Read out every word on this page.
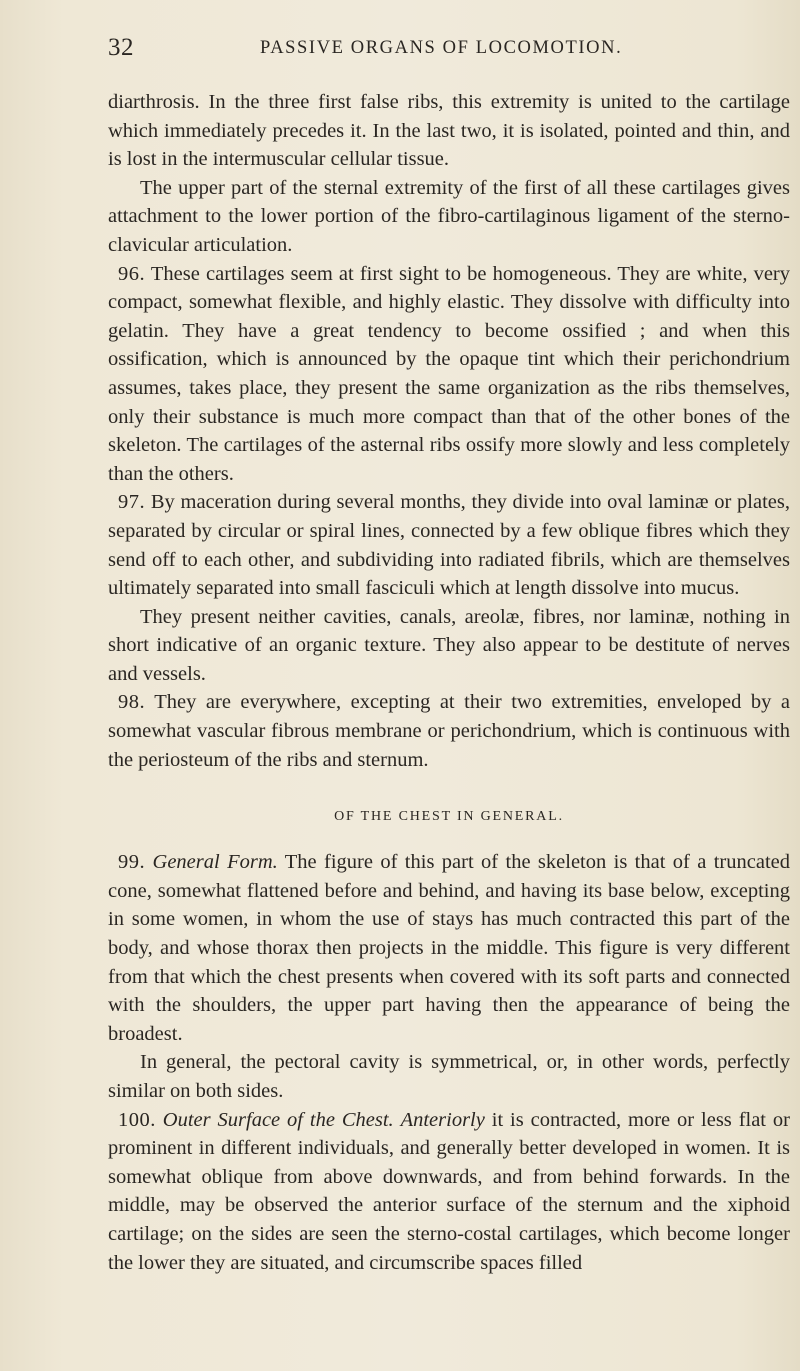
32	PASSIVE ORGANS OF LOCOMOTION.

diarthrosis. In the three first false ribs, this extremity is united to the cartilage which immediately precedes it. In the last two, it is isolated, pointed and thin, and is lost in the intermuscular cellular tissue.

The upper part of the sternal extremity of the first of all these cartilages gives attachment to the lower portion of the fibro-cartilaginous ligament of the sterno-clavicular articulation.

96. These cartilages seem at first sight to be homogeneous. They are white, very compact, somewhat flexible, and highly elastic. They dissolve with difficulty into gelatin. They have a great tendency to become ossified ; and when this ossification, which is announced by the opaque tint which their perichondrium assumes, takes place, they present the same organization as the ribs themselves, only their substance is much more compact than that of the other bones of the skeleton. The cartilages of the asternal ribs ossify more slowly and less completely than the others.

97. By maceration during several months, they divide into oval laminæ or plates, separated by circular or spiral lines, connected by a few oblique fibres which they send off to each other, and subdividing into radiated fibrils, which are themselves ultimately separated into small fasciculi which at length dissolve into mucus.

They present neither cavities, canals, areolæ, fibres, nor laminæ, nothing in short indicative of an organic texture. They also appear to be destitute of nerves and vessels.

98. They are everywhere, excepting at their two extremities, enveloped by a somewhat vascular fibrous membrane or perichondrium, which is continuous with the periosteum of the ribs and sternum.

OF THE CHEST IN GENERAL.

99. General Form. The figure of this part of the skeleton is that of a truncated cone, somewhat flattened before and behind, and having its base below, excepting in some women, in whom the use of stays has much contracted this part of the body, and whose thorax then projects in the middle. This figure is very different from that which the chest presents when covered with its soft parts and connected with the shoulders, the upper part having then the appearance of being the broadest.

In general, the pectoral cavity is symmetrical, or, in other words, perfectly similar on both sides.

100. Outer Surface of the Chest. Anteriorly it is contracted, more or less flat or prominent in different individuals, and generally better developed in women. It is somewhat oblique from above downwards, and from behind forwards. In the middle, may be observed the anterior surface of the sternum and the xiphoid cartilage; on the sides are seen the sterno-costal cartilages, which become longer the lower they are situated, and circumscribe spaces filled
